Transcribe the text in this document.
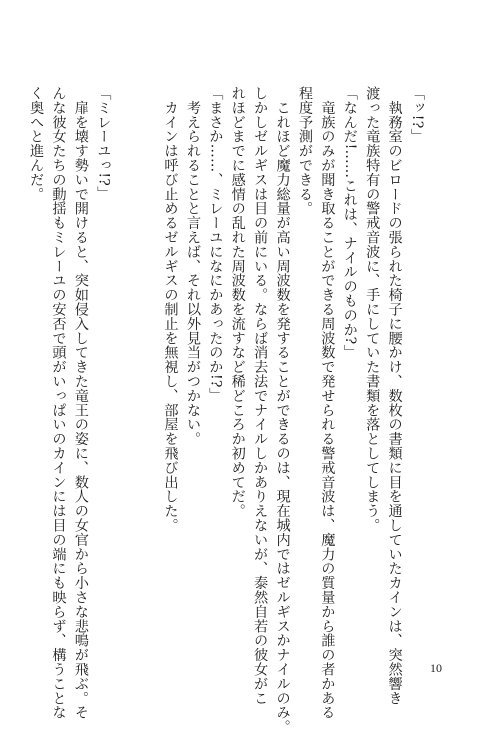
「ッ!?」
　執務室のビロードの張られた椅子に腰かけ、数枚の書類に目を通していたカインは、突然響き
渡った竜族特有の警戒音波に、手にしていた書類を落としてしまう。
「なんだ!……これは、ナイルのものか?」
　竜族のみが聞き取ることができる周波数で発せられる警戒音波は、魔力の質量から誰の者かある
程度予測ができる。
　これほど魔力総量が高い周波数を発することができるのは、現在城内ではゼルギスかナイルのみ。
しかしゼルギスは目の前にいる。ならば消去法でナイルしかありえないが、泰然自若の彼女がこ
れほどまでに感情の乱れた周波数を流すなど稀どころか初めてだ。
「まさか……、ミレーユになにかあったのか!?」
　考えられることと言えば、それ以外見当がつかない。
　カインは呼び止めるゼルギスの制止を無視し、部屋を飛び出した。
「ミレーユっ!?」
　扉を壊す勢いで開けると、突如侵入してきた竜王の姿に、数人の女官から小さな悲鳴が飛ぶ。そ
んな彼女たちの動揺もミレーユの安否で頭がいっぱいのカインには目の端にも映らず、構うことな
く奥へと進んだ。
10
